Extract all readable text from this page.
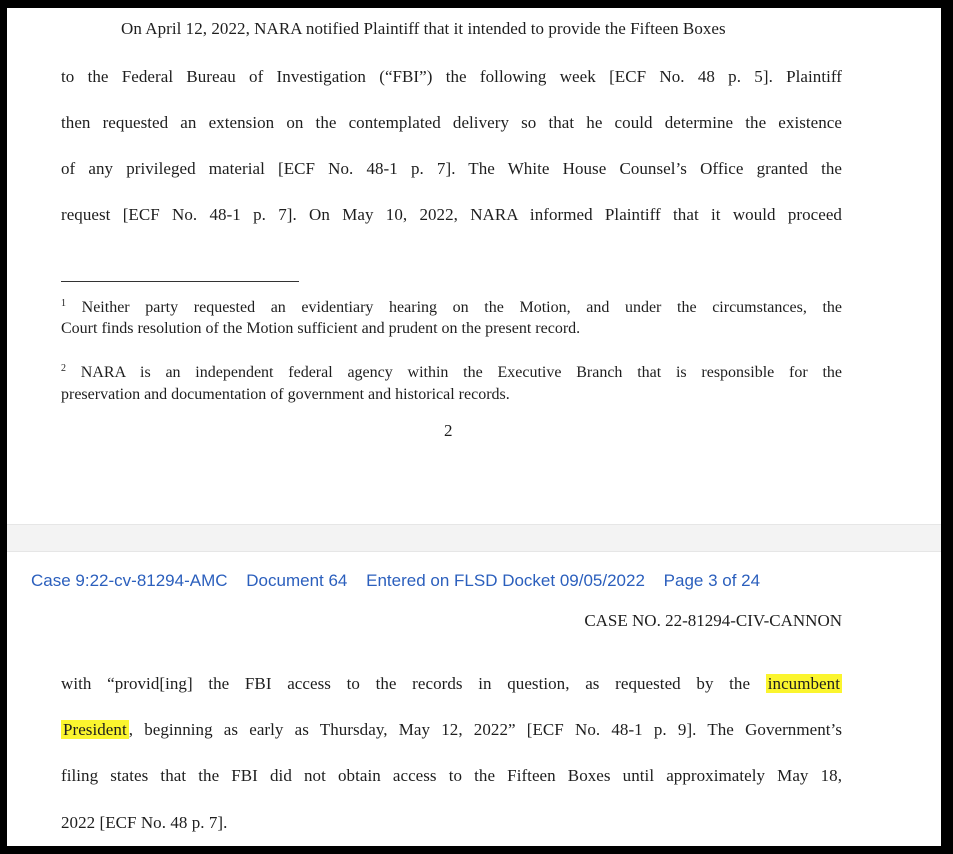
On April 12, 2022, NARA notified Plaintiff that it intended to provide the Fifteen Boxes
to the Federal Bureau of Investigation (“FBI”) the following week [ECF No. 48 p. 5]. Plaintiff
then requested an extension on the contemplated delivery so that he could determine the existence
of any privileged material [ECF No. 48-1 p. 7]. The White House Counsel’s Office granted the
request [ECF No. 48-1 p. 7]. On May 10, 2022, NARA informed Plaintiff that it would proceed
$^1$ Neither party requested an evidentiary hearing on the Motion, and under the circumstances, the
Court finds resolution of the Motion sufficient and prudent on the present record.
$^2$ NARA is an independent federal agency within the Executive Branch that is responsible for the
preservation and documentation of government and historical records.
2
Case 9:22-cv-81294-AMC Document 64 Entered on FLSD Docket 09/05/2022 Page 3 of 24
CASE NO. 22-81294-CIV-CANNON
with “provid[ing] the FBI access to the records in question, as requested by the incumbent
President , beginning as early as Thursday, May 12, 2022” [ECF No. 48-1 p. 9]. The Government’s
filing states that the FBI did not obtain access to the Fifteen Boxes until approximately May 18,
2022 [ECF No. 48 p. 7].
